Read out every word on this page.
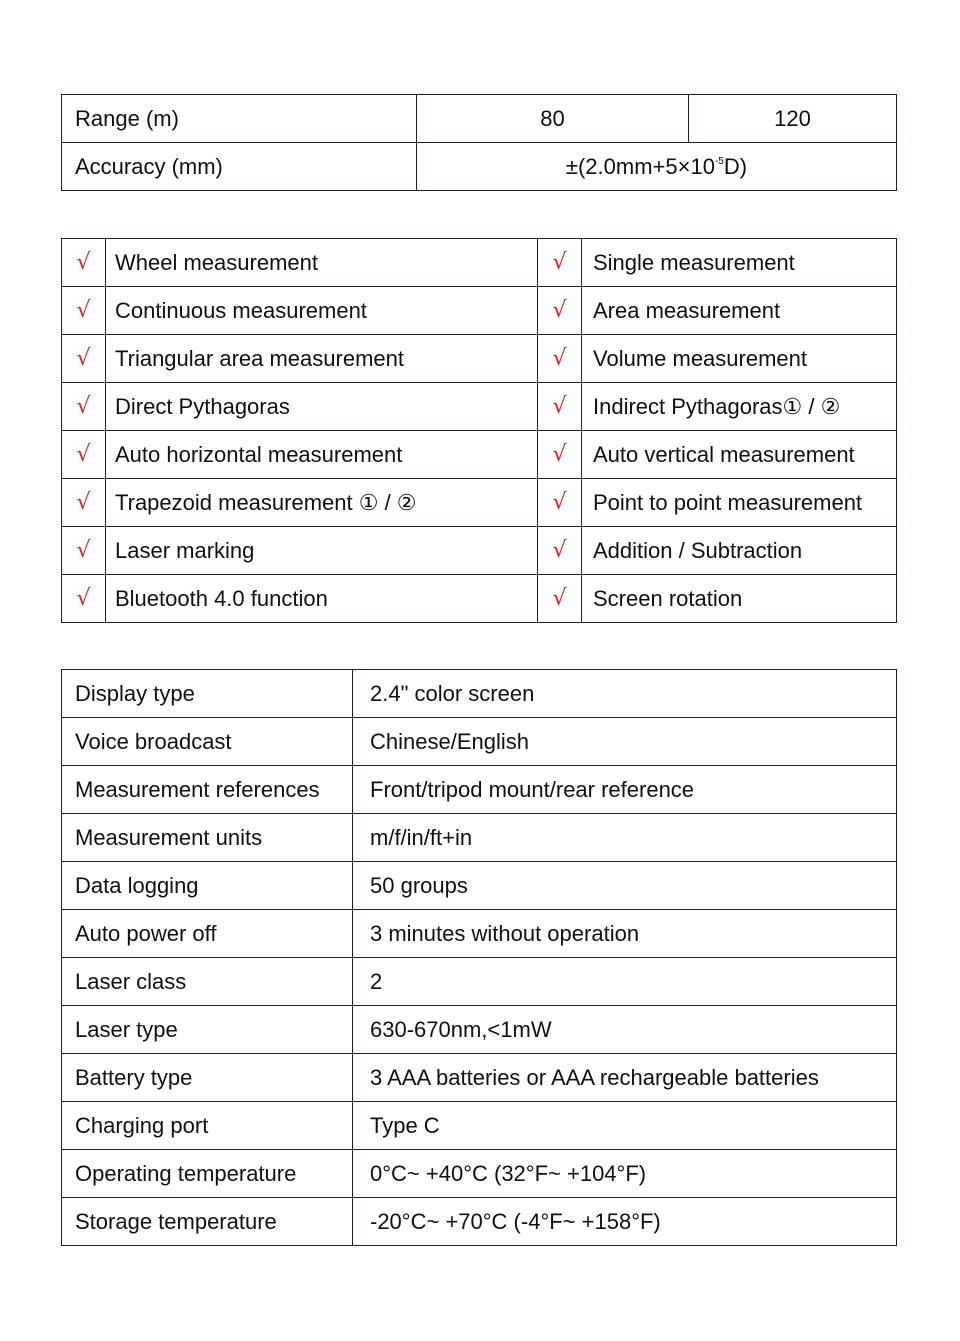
Range (m)	80	120
Accuracy (mm)	$\pm(2.0mm+5\times 10^{-5}D)$	
√	Wheel measurement	√	Single measurement
√	Continuous measurement	√	Area measurement
√	Triangular area measurement	√	Volume measurement
√	Direct Pythagoras	√	Indirect Pythagoras① / ②
√	Auto horizontal measurement	√	Auto vertical measurement
√	Trapezoid measurement ① / ②	√	Point to point measurement
√	Laser marking	√	Addition / Subtraction
√	Bluetooth 4.0 function	√	Screen rotation
Display type	2.4" color screen
Voice broadcast	Chinese/English
Measurement references	Front/tripod mount/rear reference
Measurement units	m/f/in/ft+in
Data logging	50 groups
Auto power off	3 minutes without operation
Laser class	2
Laser type	630-670nm,<1mW
Battery type	3 AAA batteries or AAA rechargeable batteries
Charging port	Type C
Operating temperature	0°C~ +40°C (32°F~ +104°F)
Storage temperature	-20°C~ +70°C (-4°F~ +158°F)
